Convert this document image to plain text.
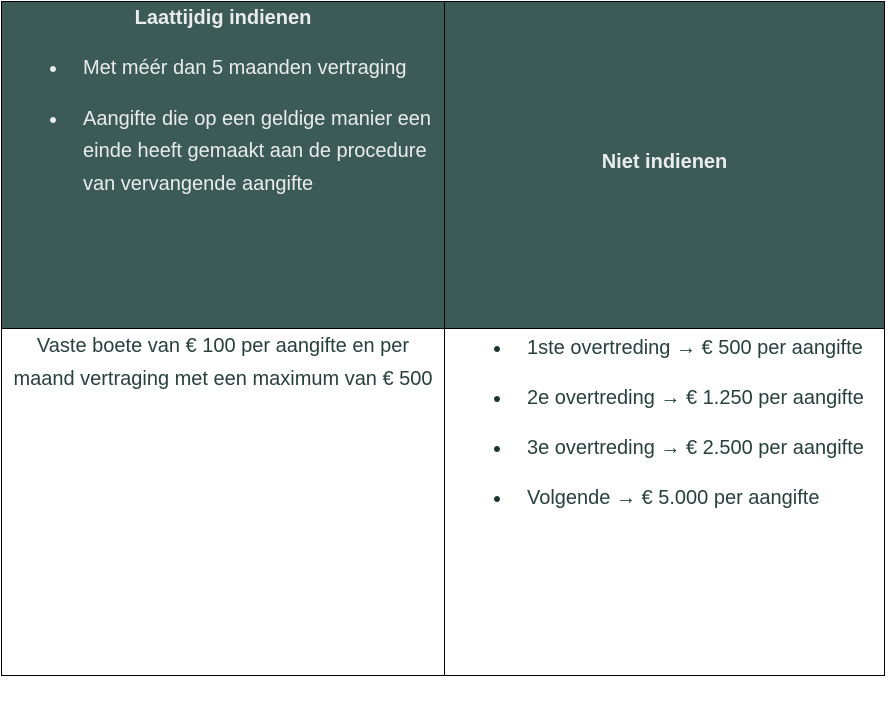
Laattijdig indienen
Met méér dan 5 maanden vertraging
Aangifte die op een geldige manier een einde heeft gemaakt aan de procedure van vervangende aangifte
Niet indienen
Vaste boete van € 100 per aangifte en per maand vertraging met een maximum van € 500
1ste overtreding → € 500 per aangifte
2e overtreding → € 1.250 per aangifte
3e overtreding → € 2.500 per aangifte
Volgende → € 5.000 per aangifte
